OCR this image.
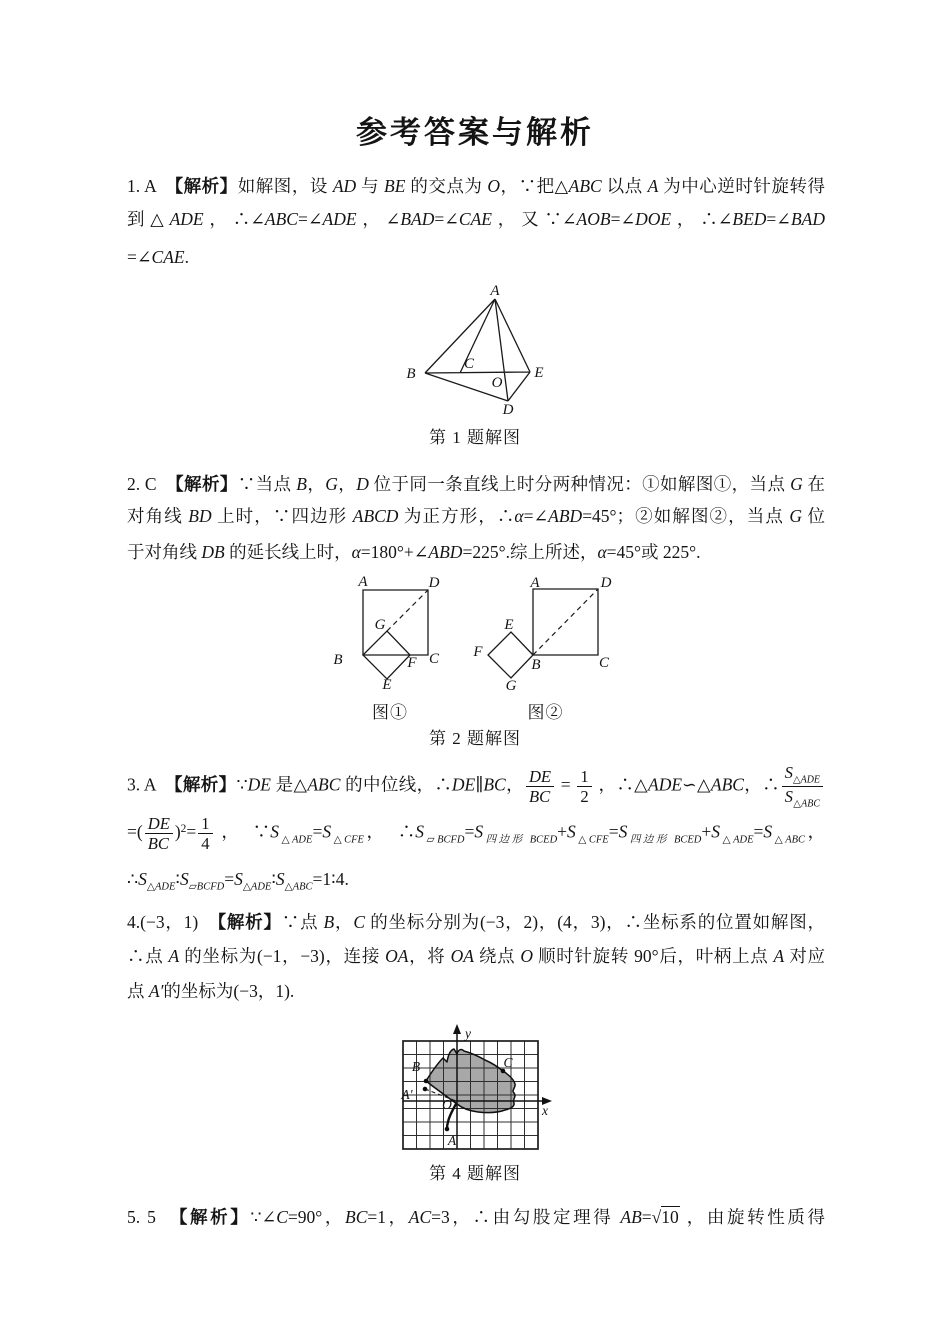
参考答案与解析
1. A　【解析】如解图，设 AD 与 BE 的交点为 O，∵把△ABC 以点 A 为中心逆时针旋转得
到△ADE，∴∠ABC=∠ADE，∠BAD=∠CAE，又∵∠AOB=∠DOE，∴∠BED=∠BAD
=∠CAE.
A
B
C
E
O
D
第 1 题解图
2. C　【解析】∵当点 B，G，D 位于同一条直线上时分两种情况：①如解图①，当点 G 在
对角线 BD 上时，∵四边形 ABCD 为正方形，∴α=∠ABD=45°；②如解图②，当点 G 位
于对角线 DB 的延长线上时，α=180°+∠ABD=225°.综上所述，α=45°或 225°.
A	D
G
B	F C
E
图①
A	D
E
F
B	C
G
图②
第 2 题解图
3. A　【解析】∵DE 是△ABC 的中位线，∴DE∥BC， $\frac{DE}{BC} = \frac{1}{2}$ ，∴△ADE∽△ABC，∴ $\frac{S_{\triangle ADE}}{S_{\triangle ABC}}$
=( $\frac{DE}{BC} )^2= \frac{1}{4}$ ，　$\because S_{\triangle ADE}=S_{\triangle CFE}$，　$\therefore S_{▱BCFD}=S_{四边形 BCED}+S_{\triangle CFE}=S_{四边形 BCED}+S_{\triangle ADE}=S_{\triangle ABC}$，
$\therefore S_{\triangle ADE}∶S_{▱BCFD}=S_{\triangle ADE}∶S_{\triangle ABC}=1∶4$.
4.(−3，1)　【解析】∵点 B，C 的坐标分别为(−3，2)，(4，3)，∴坐标系的位置如解图，
∴点 A 的坐标为(−1，−3)，连接 OA，将 OA 绕点 O 顺时针旋转 90°后，叶柄上点 A 对应
点 A′的坐标为(−3，1).
y
x
B	C
A′
O
A
第 4 题解图
5. 5　【解析】∵∠C=90°，BC=1，AC=3，∴由勾股定理得 AB=√10 ，由旋转性质得
